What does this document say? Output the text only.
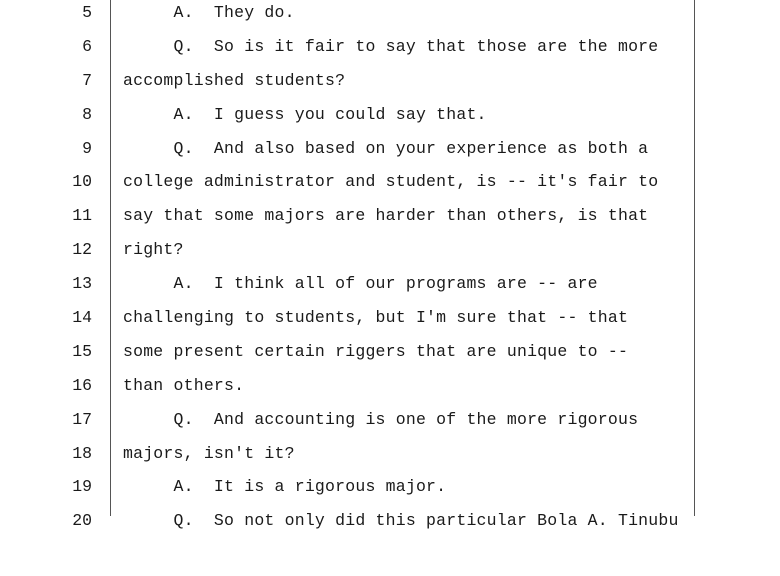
5

A.  They do.

6

Q.  So is it fair to say that those are the more

7

accomplished students?

8

A.  I guess you could say that.

9

Q.  And also based on your experience as both a

10

college administrator and student, is -- it's fair to

11

say that some majors are harder than others, is that

12

right?

13

A.  I think all of our programs are -- are

14

challenging to students, but I'm sure that -- that

15

some present certain riggers that are unique to --

16

than others.

17

Q.  And accounting is one of the more rigorous

18

majors, isn't it?

19

A.  It is a rigorous major.

20

Q.  So not only did this particular Bola A. Tinubu
